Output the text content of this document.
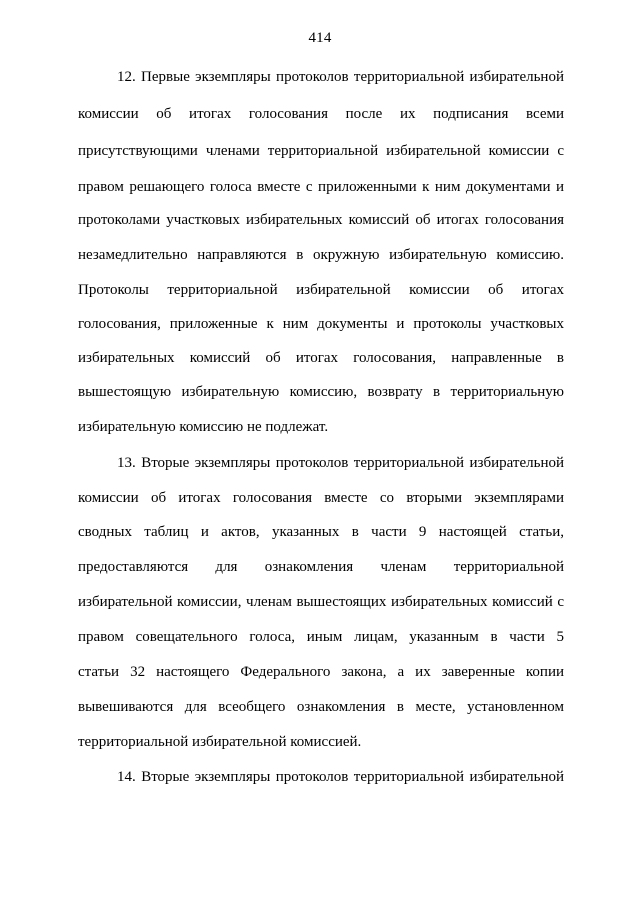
414
12. Первые экземпляры протоколов территориальной избирательной
комиссии об итогах голосования после их подписания всеми
присутствующими членами территориальной избирательной комиссии с
правом решающего голоса вместе с приложенными к ним документами и
протоколами участковых избирательных комиссий об итогах голосования
незамедлительно направляются в окружную избирательную комиссию.
Протоколы территориальной избирательной комиссии об итогах
голосования, приложенные к ним документы и протоколы участковых
избирательных комиссий об итогах голосования, направленные в
вышестоящую избирательную комиссию, возврату в территориальную
избирательную комиссию не подлежат.
13. Вторые экземпляры протоколов территориальной избирательной
комиссии об итогах голосования вместе со вторыми экземплярами
сводных таблиц и актов, указанных в части 9 настоящей статьи,
предоставляются для ознакомления членам территориальной
избирательной комиссии, членам вышестоящих избирательных комиссий с
правом совещательного голоса, иным лицам, указанным в части 5
статьи 32 настоящего Федерального закона, а их заверенные копии
вывешиваются для всеобщего ознакомления в месте, установленном
территориальной избирательной комиссией.
14. Вторые экземпляры протоколов территориальной избирательной
